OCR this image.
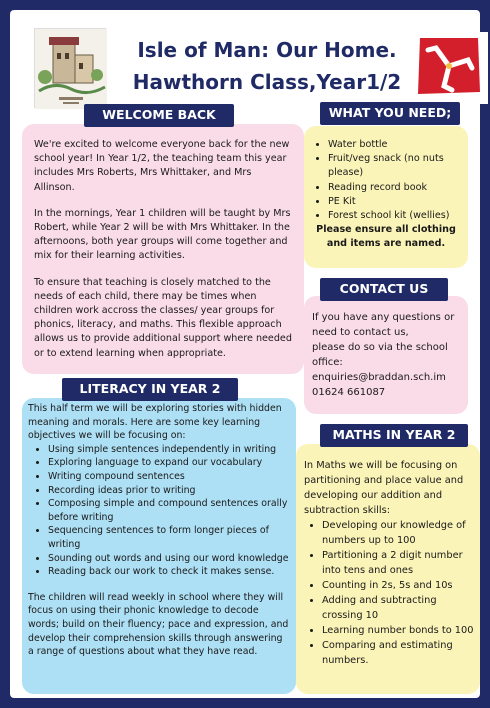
Isle of Man: Our Home.
Hawthorn Class,Year1/2

We're excited to welcome everyone back for the new school year! In Year 1/2, the teaching team this year includes Mrs Roberts, Mrs Whittaker, and Mrs Allinson.

In the mornings, Year 1 children will be taught by Mrs Robert, while Year 2 will be with Mrs Whittaker. In the afternoons, both year groups will come together and mix for their learning activities.

To ensure that teaching is closely matched to the needs of each child, there may be times when children work accross the classes/ year groups for phonics, literacy, and maths. This flexible approach allows us to provide additional support where needed or to extend learning when appropriate.

WELCOME BACK
• Water bottle
• Fruit/veg snack (no nuts please)
• Reading record book
• PE Kit
• Forest school kit (wellies)

Please ensure all clothing and items are named.

WHAT YOU NEED;

If you have any questions or need to contact us,

please do so via the school office:

enquiries@braddan.sch.im

01624 661087

CONTACT US

This half term we will be exploring stories with hidden meaning and morals. Here are some key learning objectives we will be focusing on:

• Using simple sentences independently in writing
• Exploring language to expand our vocabulary
• Writing compound sentences
• Recording ideas prior to writing
• Composing simple and compound sentences orally before writing
• Sequencing sentences to form longer pieces of writing
• Sounding out words and using our word knowledge
• Reading back our work to check it makes sense.

The children will read weekly in school where they will focus on using their phonic knowledge to decode words; build on their fluency; pace and expression, and develop their comprehension skills through answering a range of questions about what they have read.

LITERACY IN YEAR 2

In Maths we will be focusing on partitioning and place value and developing our addition and subtraction skills:

• Developing our knowledge of numbers up to 100
• Partitioning a 2 digit number into tens and ones
• Counting in 2s, 5s and 10s
• Adding and subtracting crossing 10
• Learning number bonds to 100
• Comparing and estimating numbers.
MATHS IN YEAR 2
